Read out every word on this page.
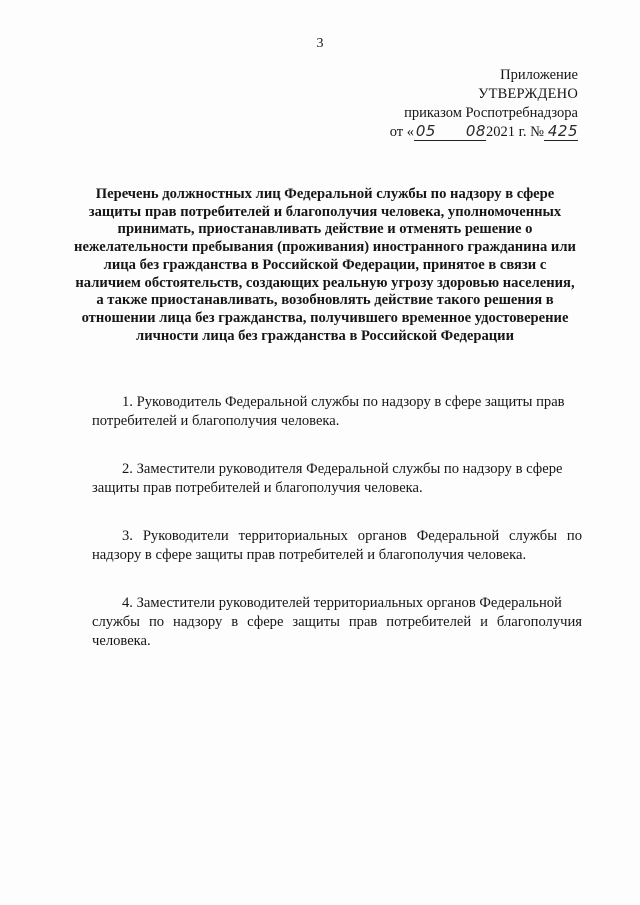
3
Приложение
УТВЕРЖДЕНО
приказом Роспотребнадзора
от « 05 082021 г. № 425
Перечень должностных лиц Федеральной службы по надзору в сфере
защиты прав потребителей и благополучия человека, уполномоченных
принимать, приостанавливать действие и отменять решение о
нежелательности пребывания (проживания) иностранного гражданина или
лица без гражданства в Российской Федерации, принятое в связи с
наличием обстоятельств, создающих реальную угрозу здоровью населения,
а также приостанавливать, возобновлять действие такого решения в
отношении лица без гражданства, получившего временное удостоверение
личности лица без гражданства в Российской Федерации
1. Руководитель Федеральной службы по надзору в сфере защиты прав
потребителей и благополучия человека.
2. Заместители руководителя Федеральной службы по надзору в сфере
защиты прав потребителей и благополучия человека.
3. Руководители территориальных органов Федеральной службы по
надзору в сфере защиты прав потребителей и благополучия человека.
4. Заместители руководителей территориальных органов Федеральной
службы по надзору в сфере защиты прав потребителей и благополучия
человека.
